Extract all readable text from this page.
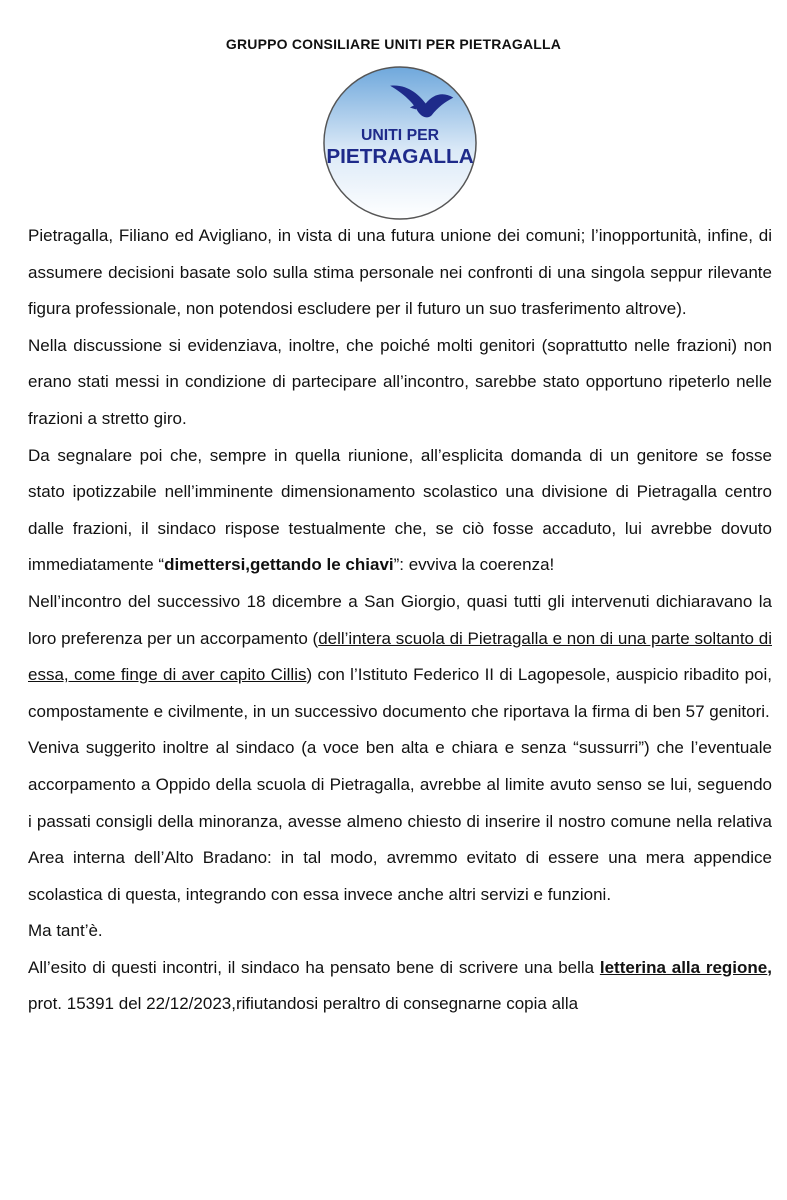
GRUPPO CONSILIARE UNITI PER PIETRAGALLA
UNITI PER
PIETRAGALLA

Pietragalla, Filiano ed Avigliano, in vista di una futura unione dei comuni; l’inopportunità, infine, di assumere decisioni basate solo sulla stima personale nei confronti di una singola seppur rilevante figura professionale, non potendosi escludere per il futuro un suo trasferimento altrove).

Nella discussione si evidenziava, inoltre, che poiché molti genitori (soprattutto nelle frazioni) non erano stati messi in condizione di partecipare all’incontro, sarebbe stato opportuno ripeterlo nelle frazioni a stretto giro.

Da segnalare poi che, sempre in quella riunione, all’esplicita domanda di un genitore se fosse stato ipotizzabile nell’imminente dimensionamento scolastico una divisione di Pietragalla centro dalle frazioni, il sindaco rispose testualmente che, se ciò fosse accaduto, lui avrebbe dovuto immediatamente “dimettersi,gettando le chiavi”: evviva la coerenza!

Nell’incontro del successivo 18 dicembre a San Giorgio, quasi tutti gli intervenuti dichiaravano la loro preferenza per un accorpamento (dell’intera scuola di Pietragalla e non di una parte soltanto di essa, come finge di aver capito Cillis) con l’Istituto Federico II di Lagopesole, auspicio ribadito poi, compostamente e civilmente, in un successivo documento che riportava la firma di ben 57 genitori.

Veniva suggerito inoltre al sindaco (a voce ben alta e chiara e senza “sussurri”) che l’eventuale accorpamento a Oppido della scuola di Pietragalla, avrebbe al limite avuto senso se lui, seguendo i passati consigli della minoranza, avesse almeno chiesto di inserire il nostro comune nella relativa Area interna dell’Alto Bradano: in tal modo, avremmo evitato di essere una mera appendice scolastica di questa, integrando con essa invece anche altri servizi e funzioni.

Ma tant’è.

All’esito di questi incontri, il sindaco ha pensato bene di scrivere una bella letterina alla regione, prot. 15391 del 22/12/2023,rifiutandosi peraltro di consegnarne copia alla
